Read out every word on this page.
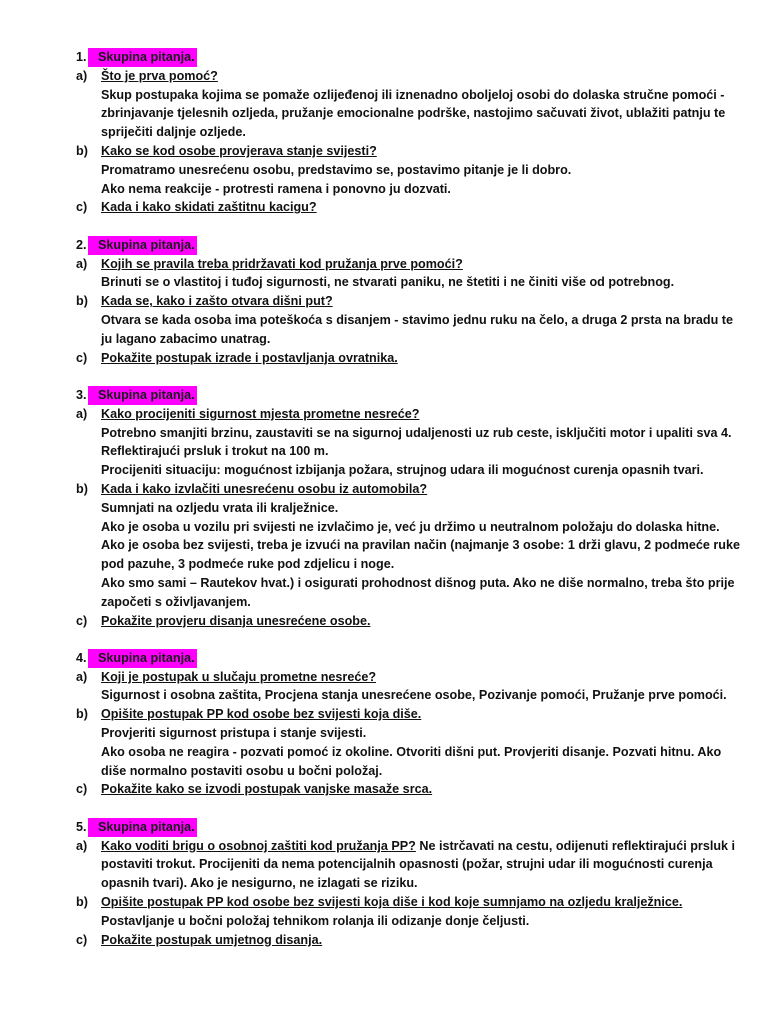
1. Skupina pitanja.
a) Što je prva pomoć?
Skup postupaka kojima se pomaže ozlijeđenoj ili iznenadno oboljeloj osobi do dolaska stručne pomoći -
zbrinjavanje tjelesnih ozljeda, pružanje emocionalne podrške, nastojimo sačuvati život, ublažiti patnju te
spriječiti daljnje ozljede.
b) Kako se kod osobe provjerava stanje svijesti?
Promatramo unesrećenu osobu, predstavimo se, postavimo pitanje je li dobro.
Ako nema reakcije - protresti ramena i ponovno ju dozvati.
c) Kada i kako skidati zaštitnu kacigu?
2. Skupina pitanja.
a) Kojih se pravila treba pridržavati kod pružanja prve pomoći?
Brinuti se o vlastitoj i tuđoj sigurnosti, ne stvarati paniku, ne štetiti i ne činiti više od potrebnog.
b) Kada se, kako i zašto otvara dišni put?
Otvara se kada osoba ima poteškoća s disanjem - stavimo jednu ruku na čelo, a druga 2 prsta na bradu te
ju lagano zabacimo unatrag.
c) Pokažite postupak izrade i postavljanja ovratnika.
3. Skupina pitanja.
a) Kako procijeniti sigurnost mjesta prometne nesreće?
Potrebno smanjiti brzinu, zaustaviti se na sigurnoj udaljenosti uz rub ceste, isključiti motor i upaliti sva 4.
Reflektirajući prsluk i trokut na 100 m.
Procijeniti situaciju: mogućnost izbijanja požara, strujnog udara ili mogućnost curenja opasnih tvari.
b) Kada i kako izvlačiti unesrećenu osobu iz automobila?
Sumnjati na ozljedu vrata ili kralježnice.
Ako je osoba u vozilu pri svijesti ne izvlačimo je, već ju držimo u neutralnom položaju do dolaska hitne.
Ako je osoba bez svijesti, treba je izvući na pravilan način (najmanje 3 osobe: 1 drži glavu, 2 podmeće ruke
pod pazuhe, 3 podmeće ruke pod zdjelicu i noge.
Ako smo sami – Rautekov hvat.) i osigurati prohodnost dišnog puta. Ako ne diše normalno, treba što prije
započeti s oživljavanjem.
c) Pokažite provjeru disanja unesrećene osobe.
4. Skupina pitanja.
a) Koji je postupak u slučaju prometne nesreće?
Sigurnost i osobna zaštita, Procjena stanja unesrećene osobe, Pozivanje pomoći, Pružanje prve pomoći.
b) Opišite postupak PP kod osobe bez svijesti koja diše.
Provjeriti sigurnost pristupa i stanje svijesti.
Ako osoba ne reagira - pozvati pomoć iz okoline. Otvoriti dišni put. Provjeriti disanje. Pozvati hitnu. Ako
diše normalno postaviti osobu u bočni položaj.
c) Pokažite kako se izvodi postupak vanjske masaže srca.
5. Skupina pitanja.
a) Kako voditi brigu o osobnoj zaštiti kod pružanja PP? Ne istrčavati na cestu, odijenuti reflektirajući prsluk i
postaviti trokut. Procijeniti da nema potencijalnih opasnosti (požar, strujni udar ili mogućnosti curenja
opasnih tvari). Ako je nesigurno, ne izlagati se riziku.
b) Opišite postupak PP kod osobe bez svijesti koja diše i kod koje sumnjamo na ozljedu kralježnice.
Postavljanje u bočni položaj tehnikom rolanja ili odizanje donje čeljusti.
c) Pokažite postupak umjetnog disanja.
